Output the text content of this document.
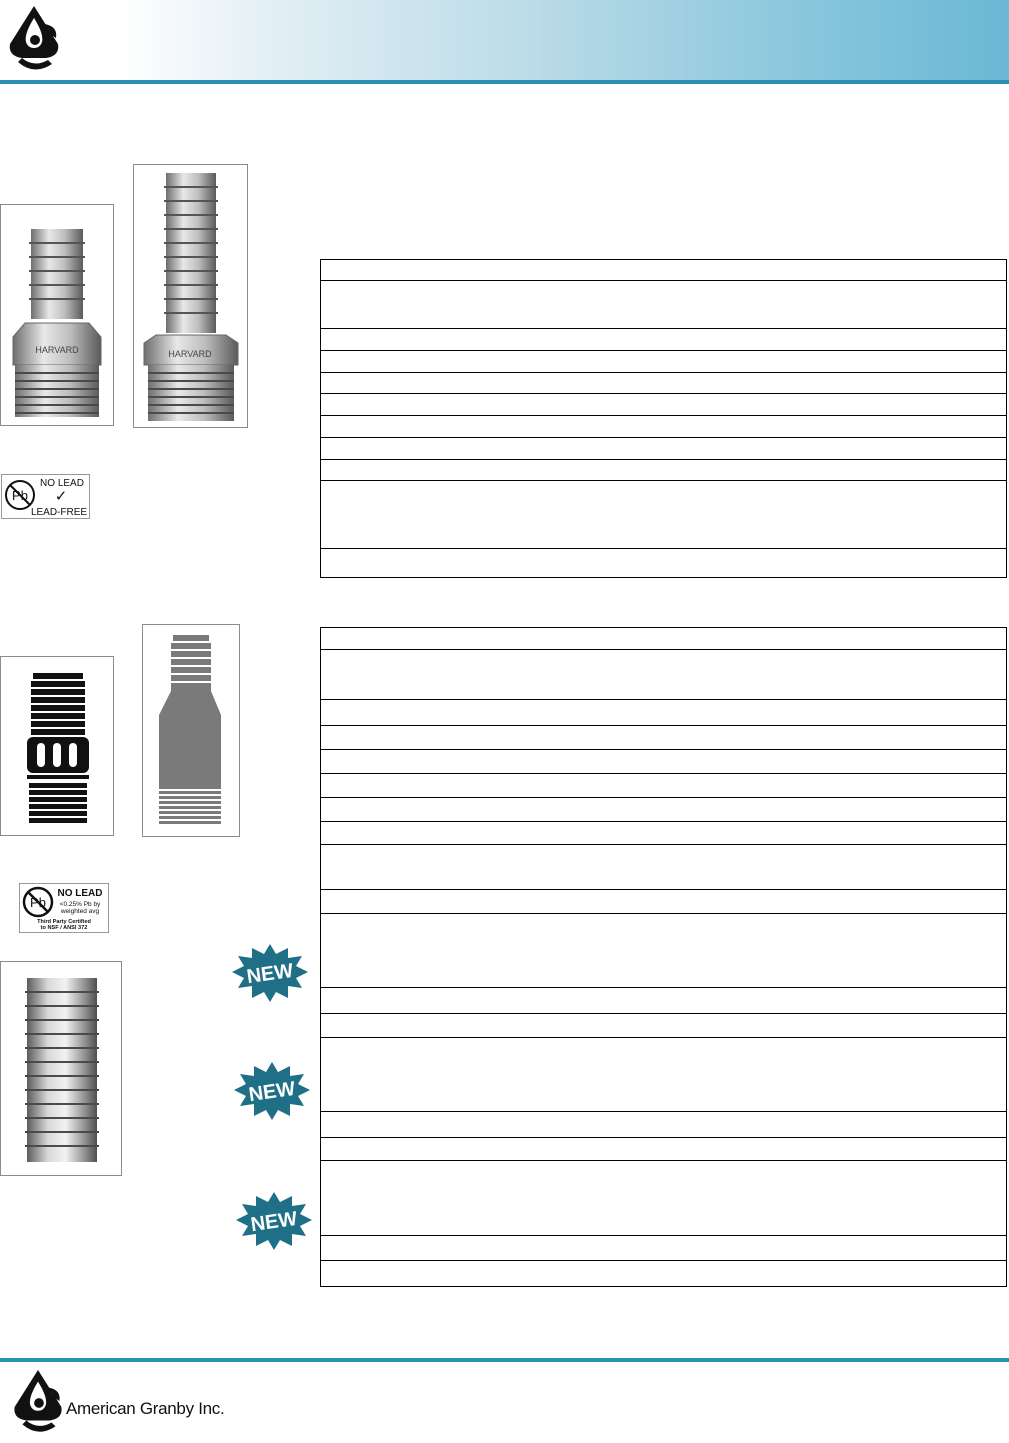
HARVARD	HARVARD
Pb
NO LEAD
✓
LEAD-FREE
Pb
NO LEAD
<0.25% Pb by
weighted avg
Third Party Certified
to NSF / ANSI 372
NEW
NEW
NEW
American Granby Inc.
